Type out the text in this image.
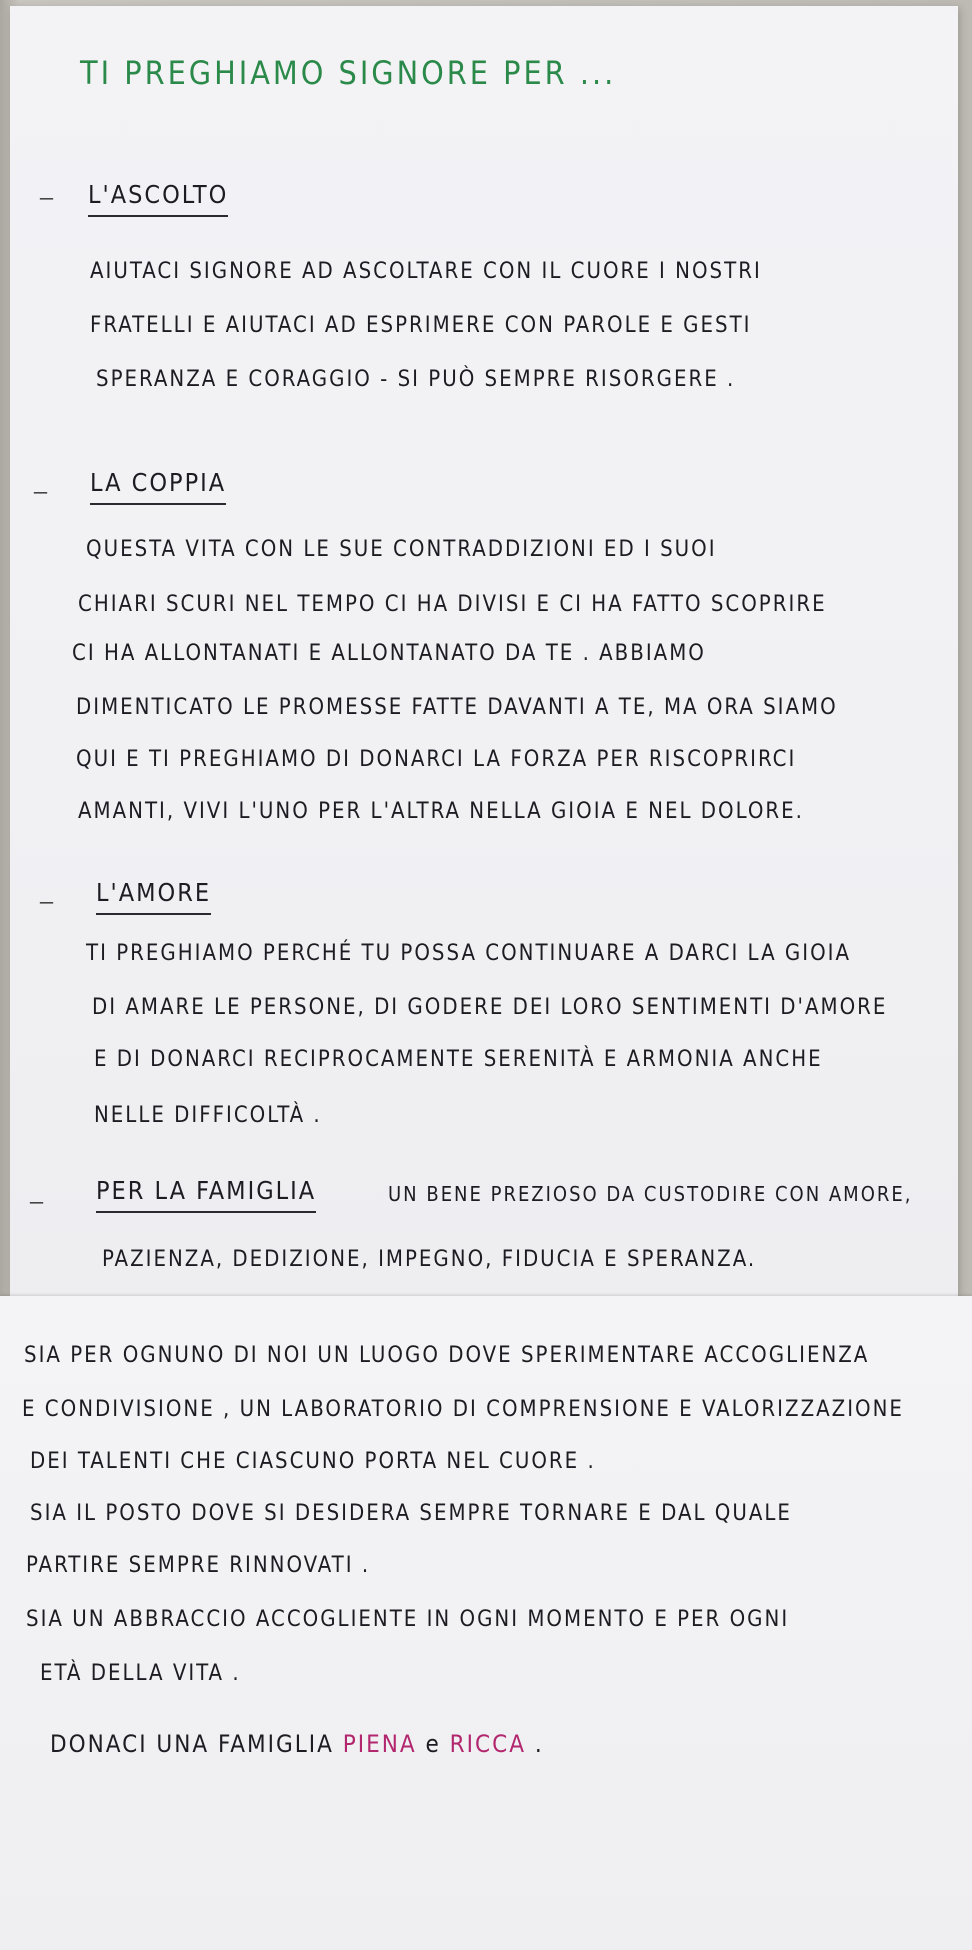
TI PREGHIAMO SIGNORE PER ...
– L'ASCOLTO
AIUTACI SIGNORE AD ASCOLTARE CON IL CUORE I NOSTRI
FRATELLI E AIUTACI AD ESPRIMERE CON PAROLE E GESTI
SPERANZA E CORAGGIO - SI PUÒ SEMPRE RISORGERE .
– LA COPPIA
QUESTA VITA CON LE SUE CONTRADDIZIONI ED I SUOI
CHIARI SCURI NEL TEMPO CI HA DIVISI E CI HA FATTO SCOPRIRE
CI HA ALLONTANATI E ALLONTANATO DA TE . ABBIAMO
DIMENTICATO LE PROMESSE FATTE DAVANTI A TE, MA ORA SIAMO
QUI E TI PREGHIAMO DI DONARCI LA FORZA PER RISCOPRIRCI
AMANTI, VIVI L'UNO PER L'ALTRA NELLA GIOIA E NEL DOLORE.
– L'AMORE
TI PREGHIAMO PERCHÉ TU POSSA CONTINUARE A DARCI LA GIOIA
DI AMARE LE PERSONE, DI GODERE DEI LORO SENTIMENTI D'AMORE
E DI DONARCI RECIPROCAMENTE SERENITÀ E ARMONIA ANCHE
NELLE DIFFICOLTÀ .
– PER LA FAMIGLIA	UN BENE PREZIOSO DA CUSTODIRE CON AMORE,
PAZIENZA, DEDIZIONE, IMPEGNO, FIDUCIA E SPERANZA.
SIA PER OGNUNO DI NOI UN LUOGO DOVE SPERIMENTARE ACCOGLIENZA
E CONDIVISIONE , UN LABORATORIO DI COMPRENSIONE E VALORIZZAZIONE
DEI TALENTI CHE CIASCUNO PORTA NEL CUORE .
SIA IL POSTO DOVE SI DESIDERA SEMPRE TORNARE E DAL QUALE
PARTIRE SEMPRE RINNOVATI .
SIA UN ABBRACCIO ACCOGLIENTE IN OGNI MOMENTO E PER OGNI
ETÀ DELLA VITA .
DONACI UNA FAMIGLIA PIENA e RICCA .
